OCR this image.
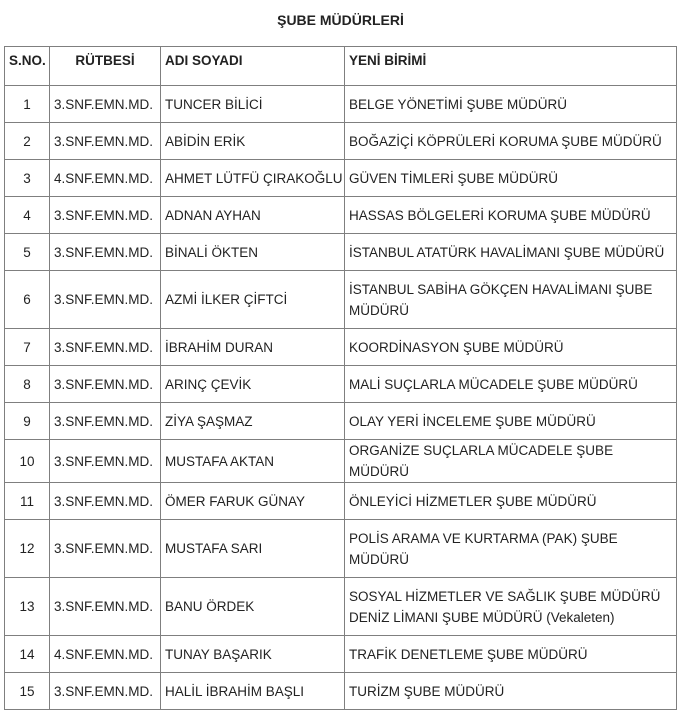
ŞUBE MÜDÜRLERİ
S.NO.	RÜTBESİ	ADI SOYADI	YENİ BİRİMİ
1	3.SNF.EMN.MD.	TUNCER BİLİCİ	BELGE YÖNETİMİ ŞUBE MÜDÜRÜ
2	3.SNF.EMN.MD.	ABİDİN ERİK	BOĞAZİÇİ KÖPRÜLERİ KORUMA ŞUBE MÜDÜRÜ
3	4.SNF.EMN.MD.	AHMET LÜTFÜ ÇIRAKOĞLU	GÜVEN TİMLERİ ŞUBE MÜDÜRÜ
4	3.SNF.EMN.MD.	ADNAN AYHAN	HASSAS BÖLGELERİ KORUMA ŞUBE MÜDÜRÜ
5	3.SNF.EMN.MD.	BİNALİ ÖKTEN	İSTANBUL ATATÜRK HAVALİMANI ŞUBE MÜDÜRÜ
6	3.SNF.EMN.MD.	AZMİ İLKER ÇİFTCİ	İSTANBUL SABİHA GÖKÇEN HAVALİMANI ŞUBE MÜDÜRÜ
7	3.SNF.EMN.MD.	İBRAHİM DURAN	KOORDİNASYON ŞUBE MÜDÜRÜ
8	3.SNF.EMN.MD.	ARINÇ ÇEVİK	MALİ SUÇLARLA MÜCADELE ŞUBE MÜDÜRÜ
9	3.SNF.EMN.MD.	ZİYA ŞAŞMAZ	OLAY YERİ İNCELEME ŞUBE MÜDÜRÜ
10	3.SNF.EMN.MD.	MUSTAFA AKTAN	ORGANİZE SUÇLARLA MÜCADELE ŞUBE MÜDÜRÜ
11	3.SNF.EMN.MD.	ÖMER FARUK GÜNAY	ÖNLEYİCİ HİZMETLER ŞUBE MÜDÜRÜ
12	3.SNF.EMN.MD.	MUSTAFA SARI	POLİS ARAMA VE KURTARMA (PAK) ŞUBE MÜDÜRÜ
13	3.SNF.EMN.MD.	BANU ÖRDEK	SOSYAL HİZMETLER VE SAĞLIK ŞUBE MÜDÜRÜ DENİZ LİMANI ŞUBE MÜDÜRÜ (Vekaleten)
14	4.SNF.EMN.MD.	TUNAY BAŞARIK	TRAFİK DENETLEME ŞUBE MÜDÜRÜ
15	3.SNF.EMN.MD.	HALİL İBRAHİM BAŞLI	TURİZM ŞUBE MÜDÜRÜ
